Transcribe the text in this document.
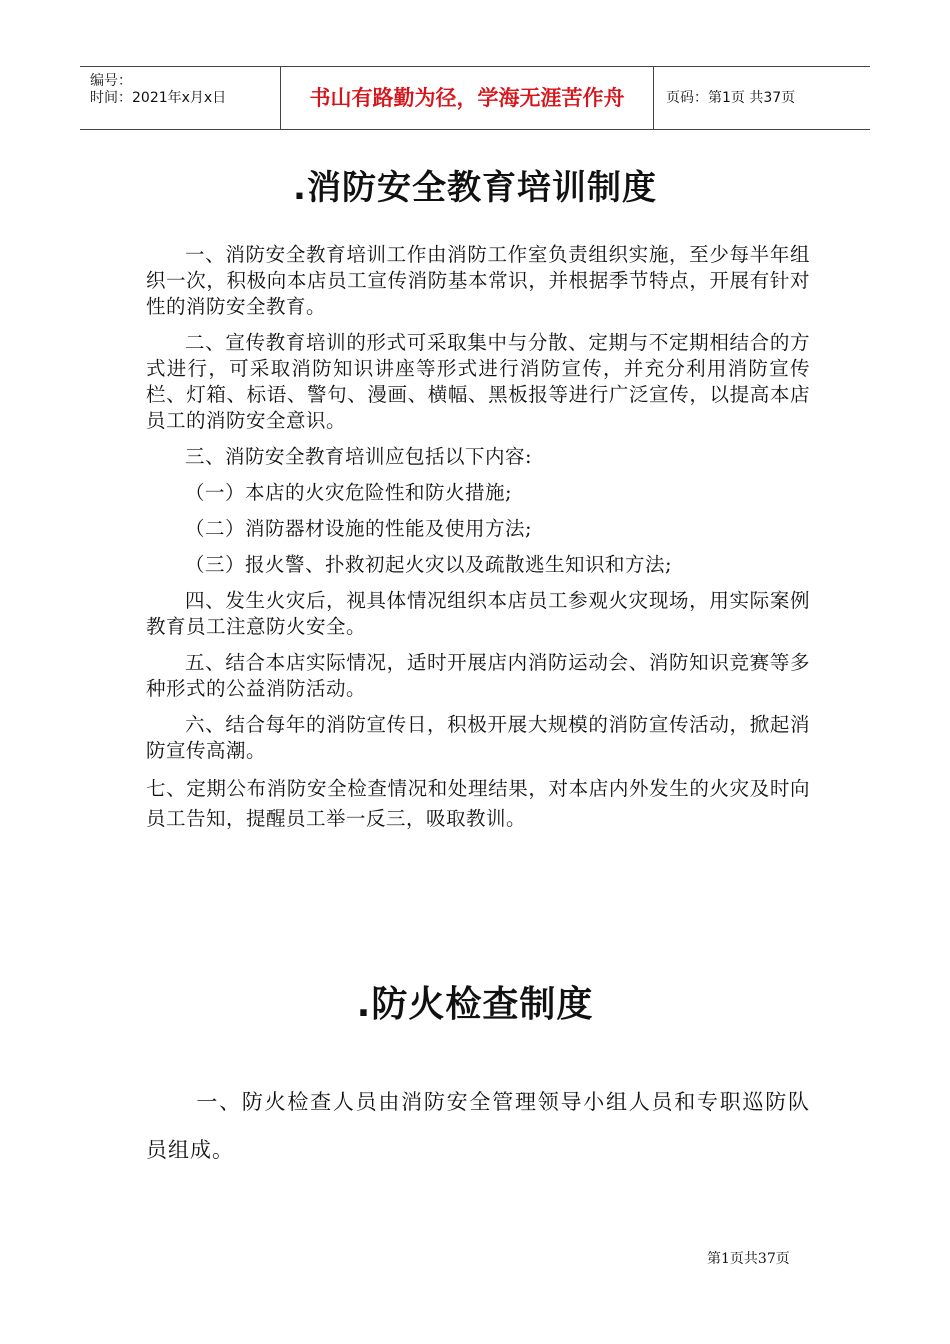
编号：
时间：2021年x月x日	书山有路勤为径，学海无涯苦作舟	页码：第1页 共37页
.消防安全教育培训制度

一、消防安全教育培训工作由消防工作室负责组织实施，至少每半年组织一次，积极向本店员工宣传消防基本常识，并根据季节特点，开展有针对性的消防安全教育。

二、宣传教育培训的形式可采取集中与分散、定期与不定期相结合的方式进行，可采取消防知识讲座等形式进行消防宣传，并充分利用消防宣传栏、灯箱、标语、警句、漫画、横幅、黑板报等进行广泛宣传，以提高本店员工的消防安全意识。

三、消防安全教育培训应包括以下内容:

（一）本店的火灾危险性和防火措施;

（二）消防器材设施的性能及使用方法;

（三）报火警、扑救初起火灾以及疏散逃生知识和方法;

四、发生火灾后，视具体情况组织本店员工参观火灾现场，用实际案例教育员工注意防火安全。

五、结合本店实际情况，适时开展店内消防运动会、消防知识竞赛等多种形式的公益消防活动。

六、结合每年的消防宣传日，积极开展大规模的消防宣传活动，掀起消防宣传高潮。

七、定期公布消防安全检查情况和处理结果，对本店内外发生的火灾及时向员工告知，提醒员工举一反三，吸取教训。

.防火检查制度
一、防火检查人员由消防安全管理领导小组人员和专职巡防队员组成。
第1页共37页
